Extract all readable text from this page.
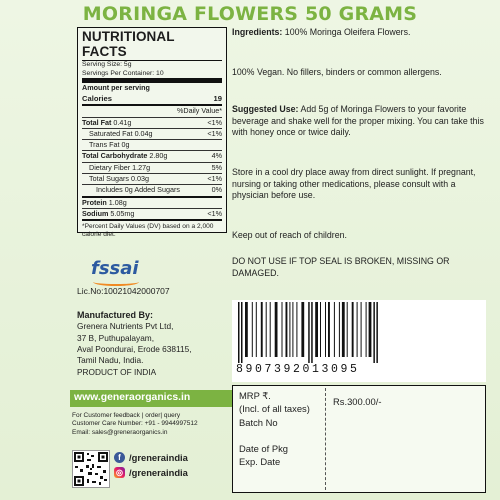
MORINGA FLOWERS 50 GRAMS
NUTRITIONAL FACTS
Serving Size: 5g
Servings Per Container: 10
Amount per serving
Calories	19
%Daily Value*
Total Fat 0.41g	<1%
Saturated Fat 0.04g	<1%
Trans Fat 0g
Total Carbohydrate 2.80g	4%
Dietary Fiber 1.27g	5%
Total Sugars 0.03g	<1%
Includes 0g Added Sugars	0%
Protein 1.08g
Sodium 5.05mg	<1%
*Percent Daily Values (DV) based on a 2,000 calorie diet.
fssai
Lic.No:10021042000707
Ingredients: 100% Moringa Oleifera Flowers.
100% Vegan. No fillers, binders or common allergens.
Suggested Use: Add 5g of Moringa Flowers to your favorite beverage and shake well for the proper mixing. You can take this with honey once or twice daily.
Store in a cool dry place away from direct sunlight. If pregnant, nursing or taking other medications, please consult with a physician before use.
Keep out of reach of children.
DO NOT USE IF TOP SEAL IS BROKEN, MISSING OR DAMAGED.
Manufactured By:
Grenera Nutrients Pvt Ltd,
37 B, Puthupalayam,
Aval Poondurai, Erode 638115,
Tamil Nadu, India.
PRODUCT OF INDIA
www.generaorganics.in
For Customer feedback | order| query
Customer Care Number: +91 - 9944997512
Email: sales@greneraorganics.in
f /greneraindia
◎ /greneraindia
8907392013095
MRP ₹.
(Incl. of all taxes)
Rs.300.00/-
Batch No
Date of Pkg
Exp. Date
